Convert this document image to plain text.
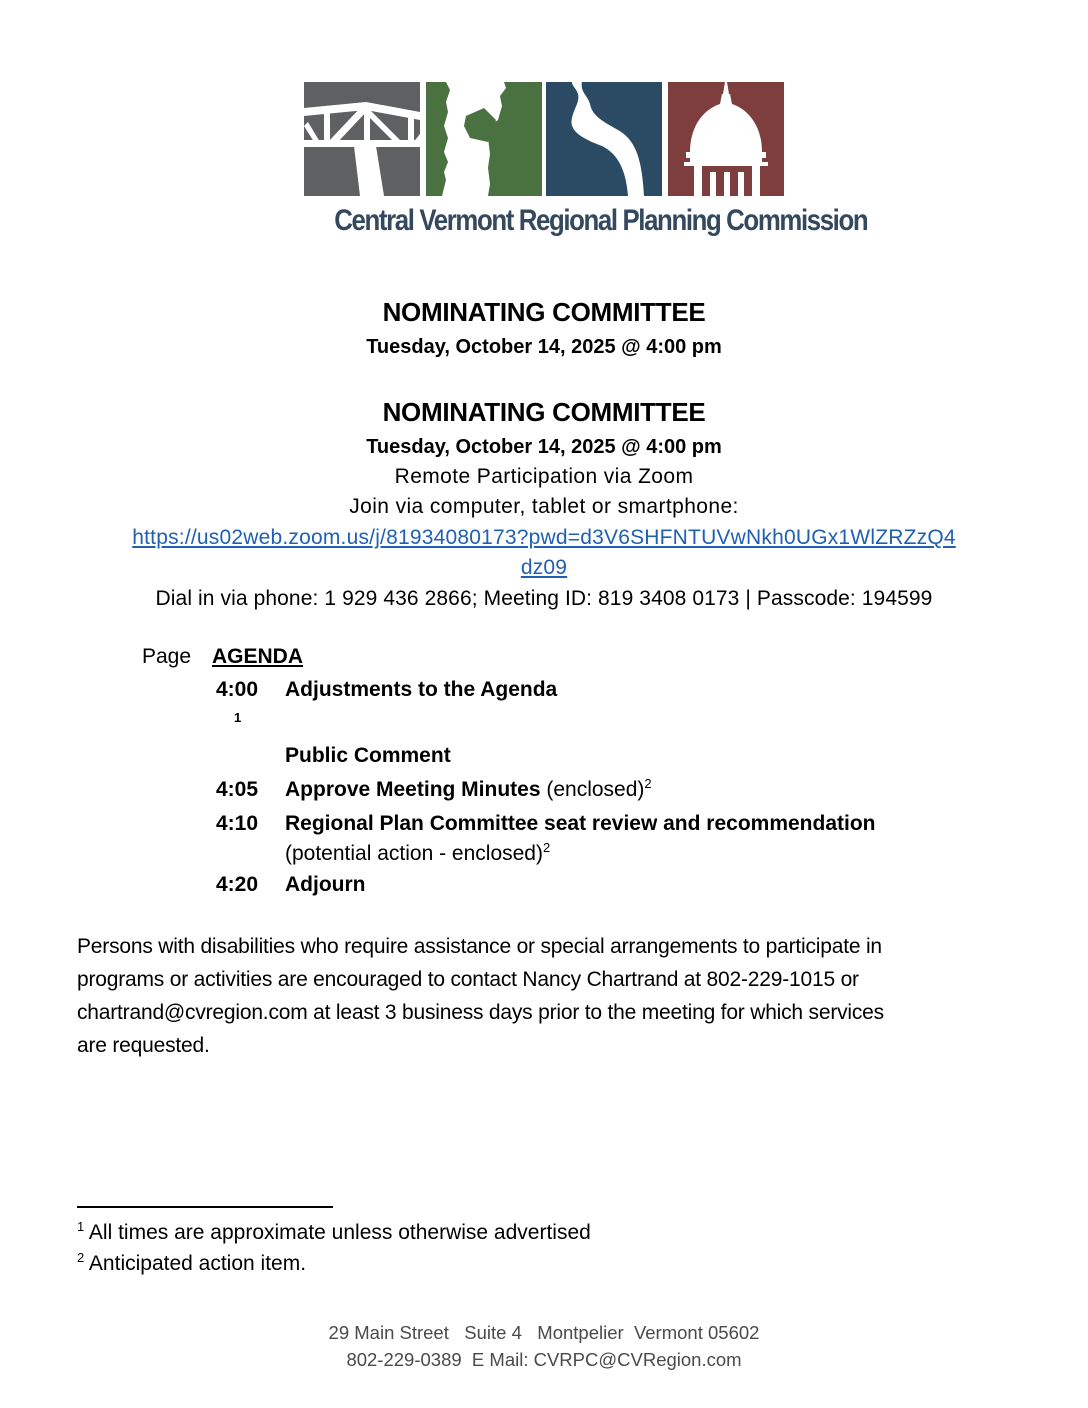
Central Vermont Regional Planning Commission
NOMINATING COMMITTEE
Tuesday, October 14, 2025 @ 4:00 pm
NOMINATING COMMITTEE
Tuesday, October 14, 2025 @ 4:00 pm
Remote Participation via Zoom
Join via computer, tablet or smartphone:
https://us02web.zoom.us/j/81934080173?pwd=d3V6SHFNTUVwNkh0UGx1WlZRZzQ4
dz09
Dial in via phone: 1 929 436 2866; Meeting ID: 819 3408 0173 | Passcode: 194599
Page AGENDA
4:00
1
Adjustments to the Agenda
Public Comment
4:05 Approve Meeting Minutes (enclosed)$^2$
4:10 Regional Plan Committee seat review and recommendation
(potential action - enclosed)$^2$
4:20 Adjourn
Persons with disabilities who require assistance or special arrangements to participate in
programs or activities are encouraged to contact Nancy Chartrand at 802-229-1015 or
chartrand@cvregion.com at least 3 business days prior to the meeting for which services
are requested.
$^1$ All times are approximate unless otherwise advertised
$^2$ Anticipated action item.
29 Main Street   Suite 4   Montpelier  Vermont 05602
802-229-0389  E Mail: CVRPC@CVRegion.com
